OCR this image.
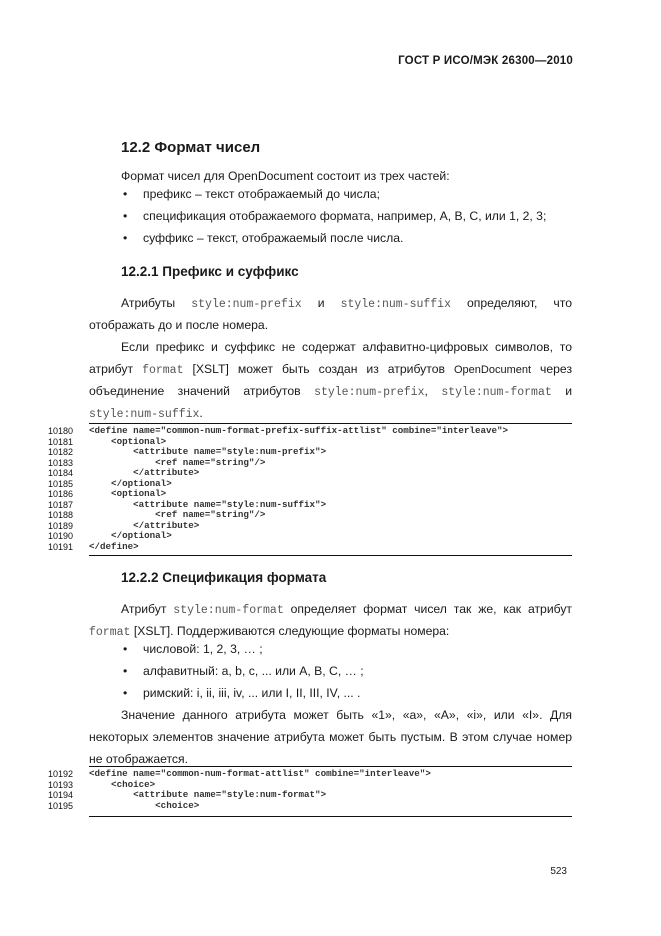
ГОСТ Р ИСО/МЭК 26300—2010
12.2 Формат чисел
Формат чисел для OpenDocument состоит из трех частей:
• префикс – текст отображаемый до числа;
• спецификация отображаемого формата, например, А, В, С, или 1, 2, 3;
• суффикс – текст, отображаемый после числа.
12.2.1 Префикс и суффикс
Атрибуты style:num-prefix и style:num-suffix определяют, что
отображать до и после номера.
Если префикс и суффикс не содержат алфавитно-цифровых символов, то
атрибут format [XSLT] может быть создан из атрибутов OpenDocument через
объединение значений атрибутов style:num-prefix, style:num-format и
style:num-suffix.
<define name="common-num-format-prefix-suffix-attlist" combine="interleave">
<optional>
<attribute name="style:num-prefix">
<ref name="string"/>
</attribute>
</optional>
<optional>
<attribute name="style:num-suffix">
<ref name="string"/>
</attribute>
</optional>
</define>
10180
10181
10182
10183
10184
10185
10186
10187
10188
10189
10190
10191
12.2.2 Спецификация формата
Атрибут style:num-format определяет формат чисел так же, как атрибут
format [XSLT]. Поддерживаются следующие форматы номера:
• числовой: 1, 2, 3, … ;
• алфавитный: a, b, c, ... или A, B, C, … ;
• римский: i, ii, iii, iv, ... или I, II, III, IV, ... .
Значение данного атрибута может быть «1», «a», «A», «i», или «I». Для
некоторых элементов значение атрибута может быть пустым. В этом случае номер
не отображается.
<define name="common-num-format-attlist" combine="interleave">
<choice>
<attribute name="style:num-format">
<choice>
10192
10193
10194
10195
523
